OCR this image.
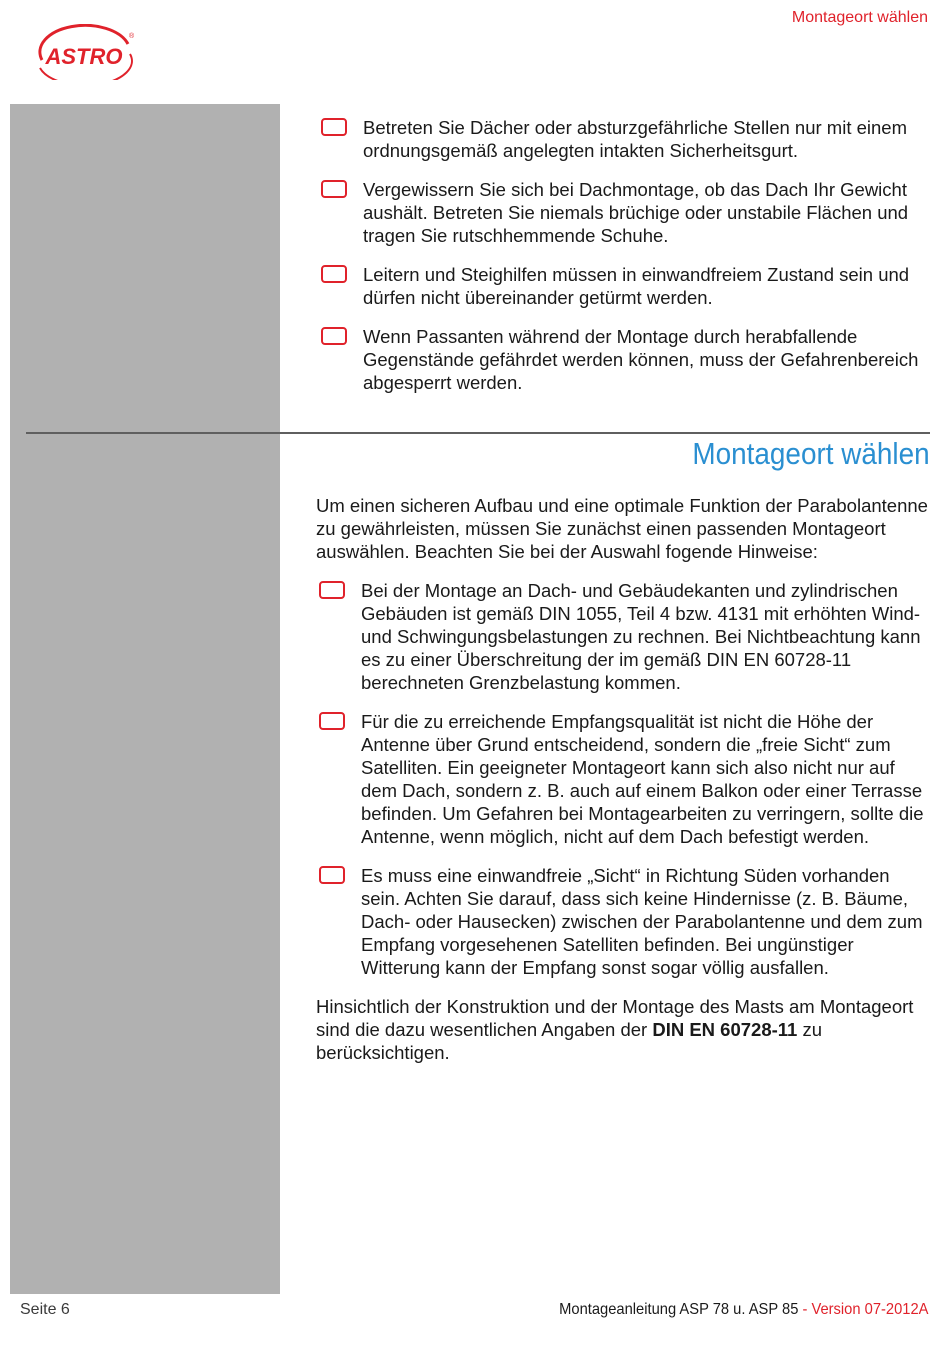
ASTRO
®
Montageort wählen
Betreten Sie Dächer oder absturzgefährliche Stellen nur mit einem ordnungsgemäß angelegten intakten Sicherheitsgurt.
Vergewissern Sie sich bei Dachmontage, ob das Dach Ihr Gewicht aushält. Betreten Sie niemals brüchige oder unstabile Flächen und tragen Sie rutschhemmende Schuhe.
Leitern und Steighilfen müssen in einwandfreiem Zustand sein und dürfen nicht übereinander getürmt werden.
Wenn Passanten während der Montage durch herabfallende Gegenstände gefährdet werden können, muss der Gefahrenbereich abgesperrt werden.
Montageort wählen

Um einen sicheren Aufbau und eine optimale Funktion der Parabolantenne zu gewährleisten, müssen Sie zunächst einen passenden Montageort auswählen. Beachten Sie bei der Auswahl fogende Hinweise:

Bei der Montage an Dach- und Gebäudekanten und zylindrischen Gebäuden ist gemäß DIN 1055, Teil 4 bzw. 4131 mit erhöhten Wind- und Schwingungsbelastungen zu rechnen. Bei Nichtbeachtung kann es zu einer Überschreitung der im gemäß DIN EN 60728-11 berechneten Grenzbelastung kommen.
Für die zu erreichende Empfangsqualität ist nicht die Höhe der Antenne über Grund entscheidend, sondern die „freie Sicht“ zum Satelliten. Ein geeigneter Montageort kann sich also nicht nur auf dem Dach, sondern z. B. auch auf einem Balkon oder einer Terrasse befinden. Um Gefahren bei Montagearbeiten zu verringern, sollte die Antenne, wenn möglich, nicht auf dem Dach befestigt werden.
Es muss eine einwandfreie „Sicht“ in Richtung Süden vorhanden sein. Achten Sie darauf, dass sich keine Hindernisse (z. B. Bäume, Dach- oder Hausecken) zwischen der Parabolantenne und dem zum Empfang vorgesehenen Satelliten befinden. Bei ungünstiger Witterung kann der Empfang sonst sogar völlig ausfallen.

Hinsichtlich der Konstruktion und der Montage des Masts am Montageort sind die dazu wesentlichen Angaben der DIN EN 60728-11 zu berücksichtigen.

Seite 6	Montageanleitung ASP 78 u. ASP 85 - Version 07-2012A
